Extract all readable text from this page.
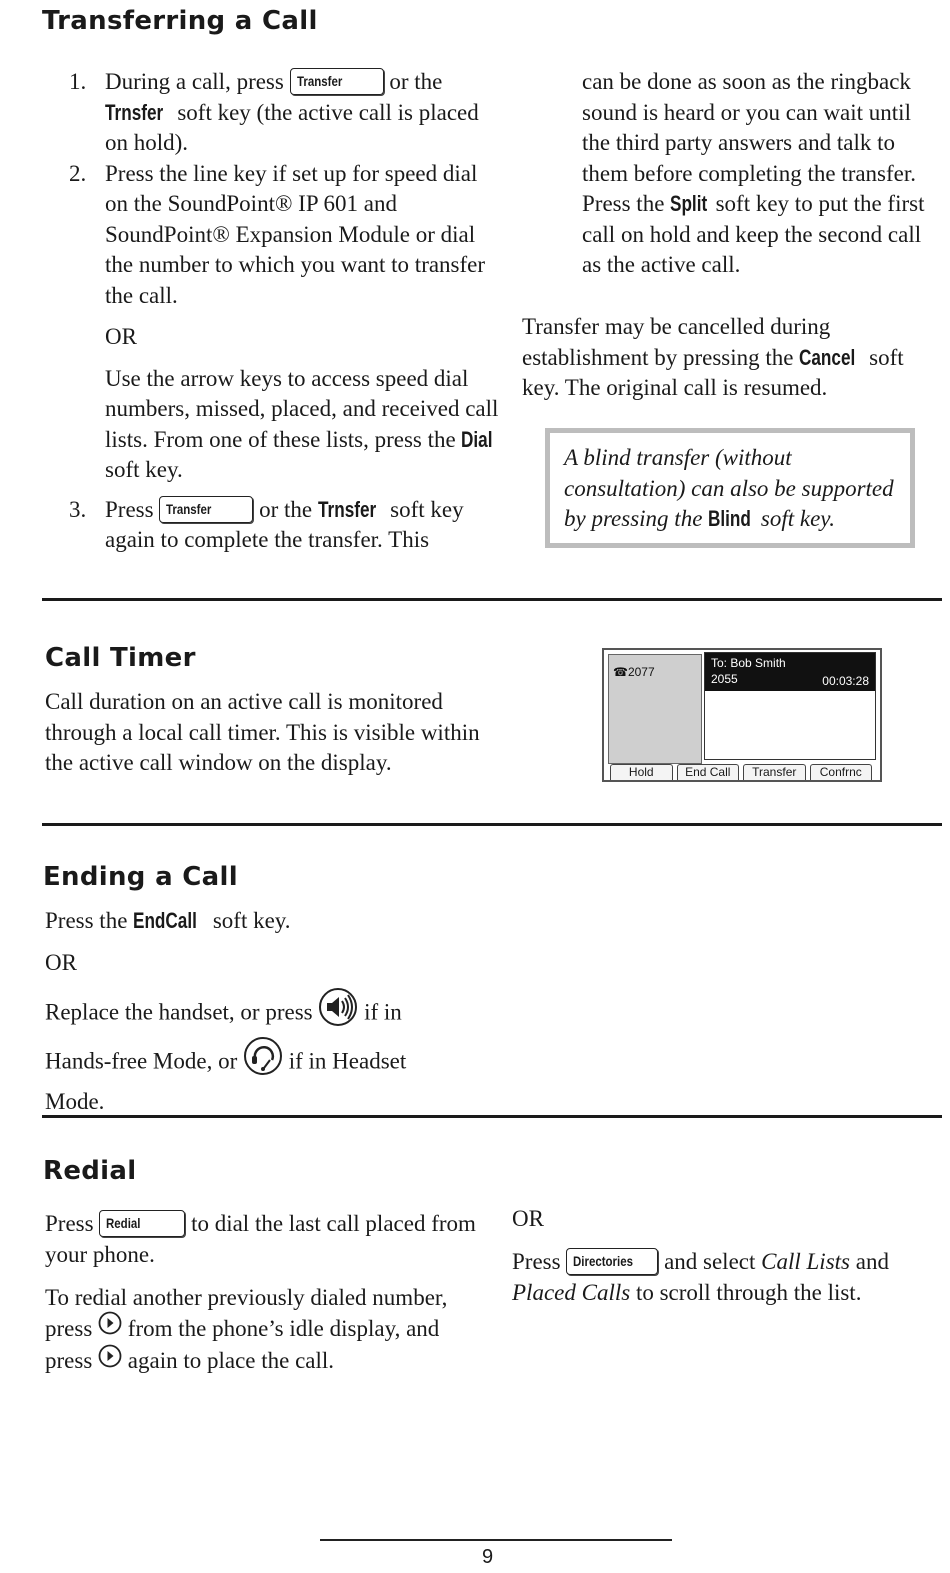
Transferring a Call
1. During a call, press Transfer or the Trnsfer soft key (the active call is placed on hold).
2. Press the line key if set up for speed dial on the SoundPoint® IP 601 and SoundPoint® Expansion Module or dial the number to which you want to transfer the call.
OR
Use the arrow keys to access speed dial numbers, missed, placed, and received call lists. From one of these lists, press the Dial soft key.
3. Press Transfer or the Trnsfer soft key again to complete the transfer. This
can be done as soon as the ringback sound is heard or you can wait until the third party answers and talk to them before completing the transfer. Press the Split soft key to put the first call on hold and keep the second call as the active call.
Transfer may be cancelled during establishment by pressing the Cancel soft key. The original call is resumed.
A blind transfer (without consultation) can also be supported by pressing the Blind soft key.
Call Timer
Call duration on an active call is monitored through a local call timer. This is visible within the active call window on the display.
☎2077
To: Bob Smith
2055	00:03:28
Hold	End Call	Transfer	Confrnc
Ending a Call
Press the EndCall soft key.
OR
Replace the handset, or press if in Hands-free Mode, or if in Headset Mode.
Redial
Press Redial to dial the last call placed from your phone.
To redial another previously dialed number, press from the phone’s idle display, and press again to place the call.
OR
Press Directories and select Call Lists and Placed Calls to scroll through the list.
9
